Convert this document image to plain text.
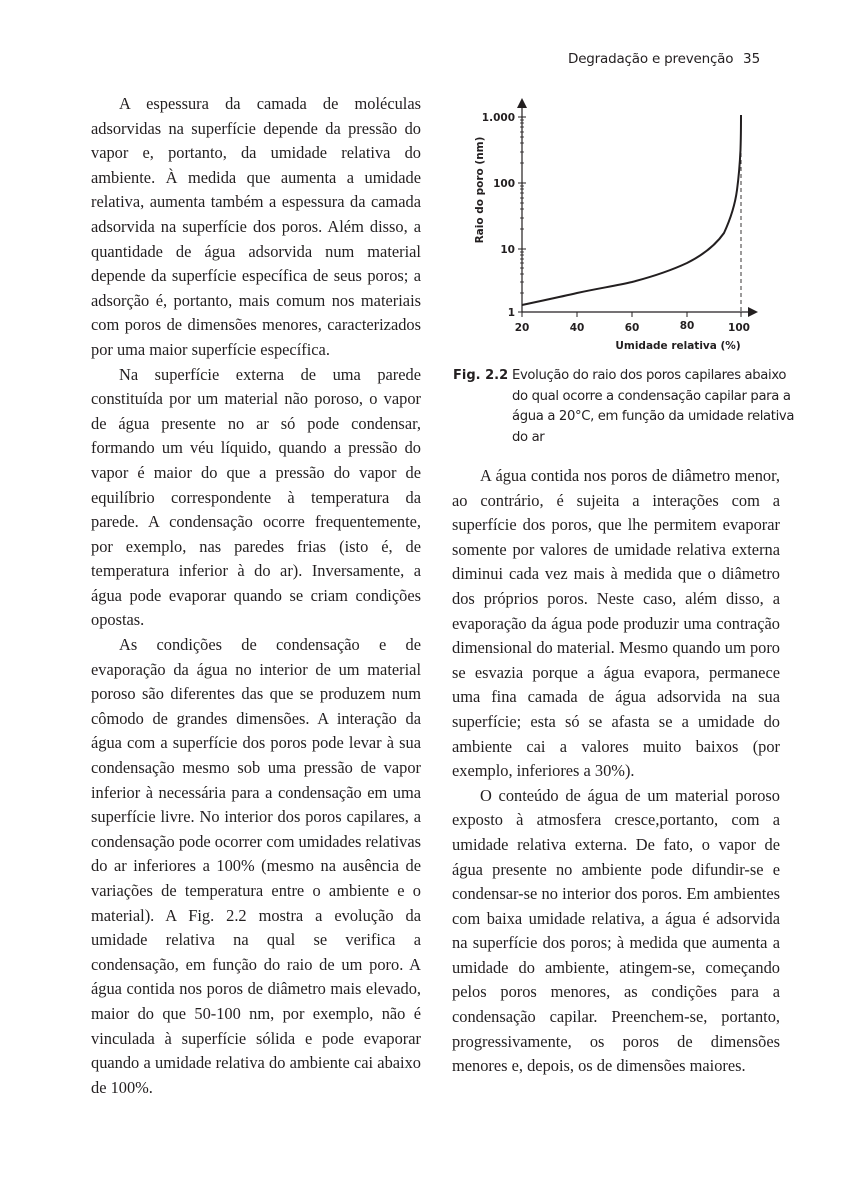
Degradação e prevenção 35

A espessura da camada de moléculas adsorvidas na superfície depende da pressão do vapor e, portanto, da umidade relativa do ambiente. À medida que aumenta a umidade relativa, aumenta também a espessura da camada adsorvida na superfície dos poros. Além disso, a quantidade de água adsorvida num material depende da superfície específica de seus poros; a adsorção é, portanto, mais comum nos materiais com poros de dimensões menores, caracterizados por uma maior superfície específica.

Na superfície externa de uma parede constituída por um material não poroso, o vapor de água presente no ar só pode condensar, formando um véu líquido, quando a pressão do vapor é maior do que a pressão do vapor de equilíbrio correspondente à temperatura da parede. A condensação ocorre frequentemente, por exemplo, nas paredes frias (isto é, de temperatura inferior à do ar). Inversamente, a água pode evaporar quando se criam condições opostas.

As condições de condensação e de evaporação da água no interior de um material poroso são diferentes das que se produzem num cômodo de grandes dimensões. A interação da água com a superfície dos poros pode levar à sua condensação mesmo sob uma pressão de vapor inferior à necessária para a condensação em uma superfície livre. No interior dos poros capilares, a condensação pode ocorrer com umidades relativas do ar inferiores a 100% (mesmo na ausência de variações de temperatura entre o ambiente e o material). A Fig. 2.2 mostra a evolução da umidade relativa na qual se verifica a condensação, em função do raio de um poro. A água contida nos poros de diâmetro mais elevado, maior do que 50-100 nm, por exemplo, não é vinculada à superfície sólida e pode evaporar quando a umidade relativa do ambiente cai abaixo de 100%.

1
10
100
1.000
20	40	60	80	100
Umidade relativa (%)
Raio do poro (nm)
Fig. 2.2 Evolução do raio dos poros capilares abaixo do qual ocorre a condensação capilar para a água a 20°C, em função da umidade relativa do ar

A água contida nos poros de diâmetro menor, ao contrário, é sujeita a interações com a superfície dos poros, que lhe permitem evaporar somente por valores de umidade relativa externa diminui cada vez mais à medida que o diâmetro dos próprios poros. Neste caso, além disso, a evaporação da água pode produzir uma contração dimensional do material. Mesmo quando um poro se esvazia porque a água evapora, permanece uma fina camada de água adsorvida na sua superfície; esta só se afasta se a umidade do ambiente cai a valores muito baixos (por exemplo, inferiores a 30%).

O conteúdo de água de um material poroso exposto à atmosfera cresce,portanto, com a umidade relativa externa. De fato, o vapor de água presente no ambiente pode difundir-se e condensar-se no interior dos poros. Em ambientes com baixa umidade relativa, a água é adsorvida na superfície dos poros; à medida que aumenta a umidade do ambiente, atingem-se, começando pelos poros menores, as condições para a condensação capilar. Preenchem-se, portanto, progressivamente, os poros de dimensões menores e, depois, os de dimensões maiores.
